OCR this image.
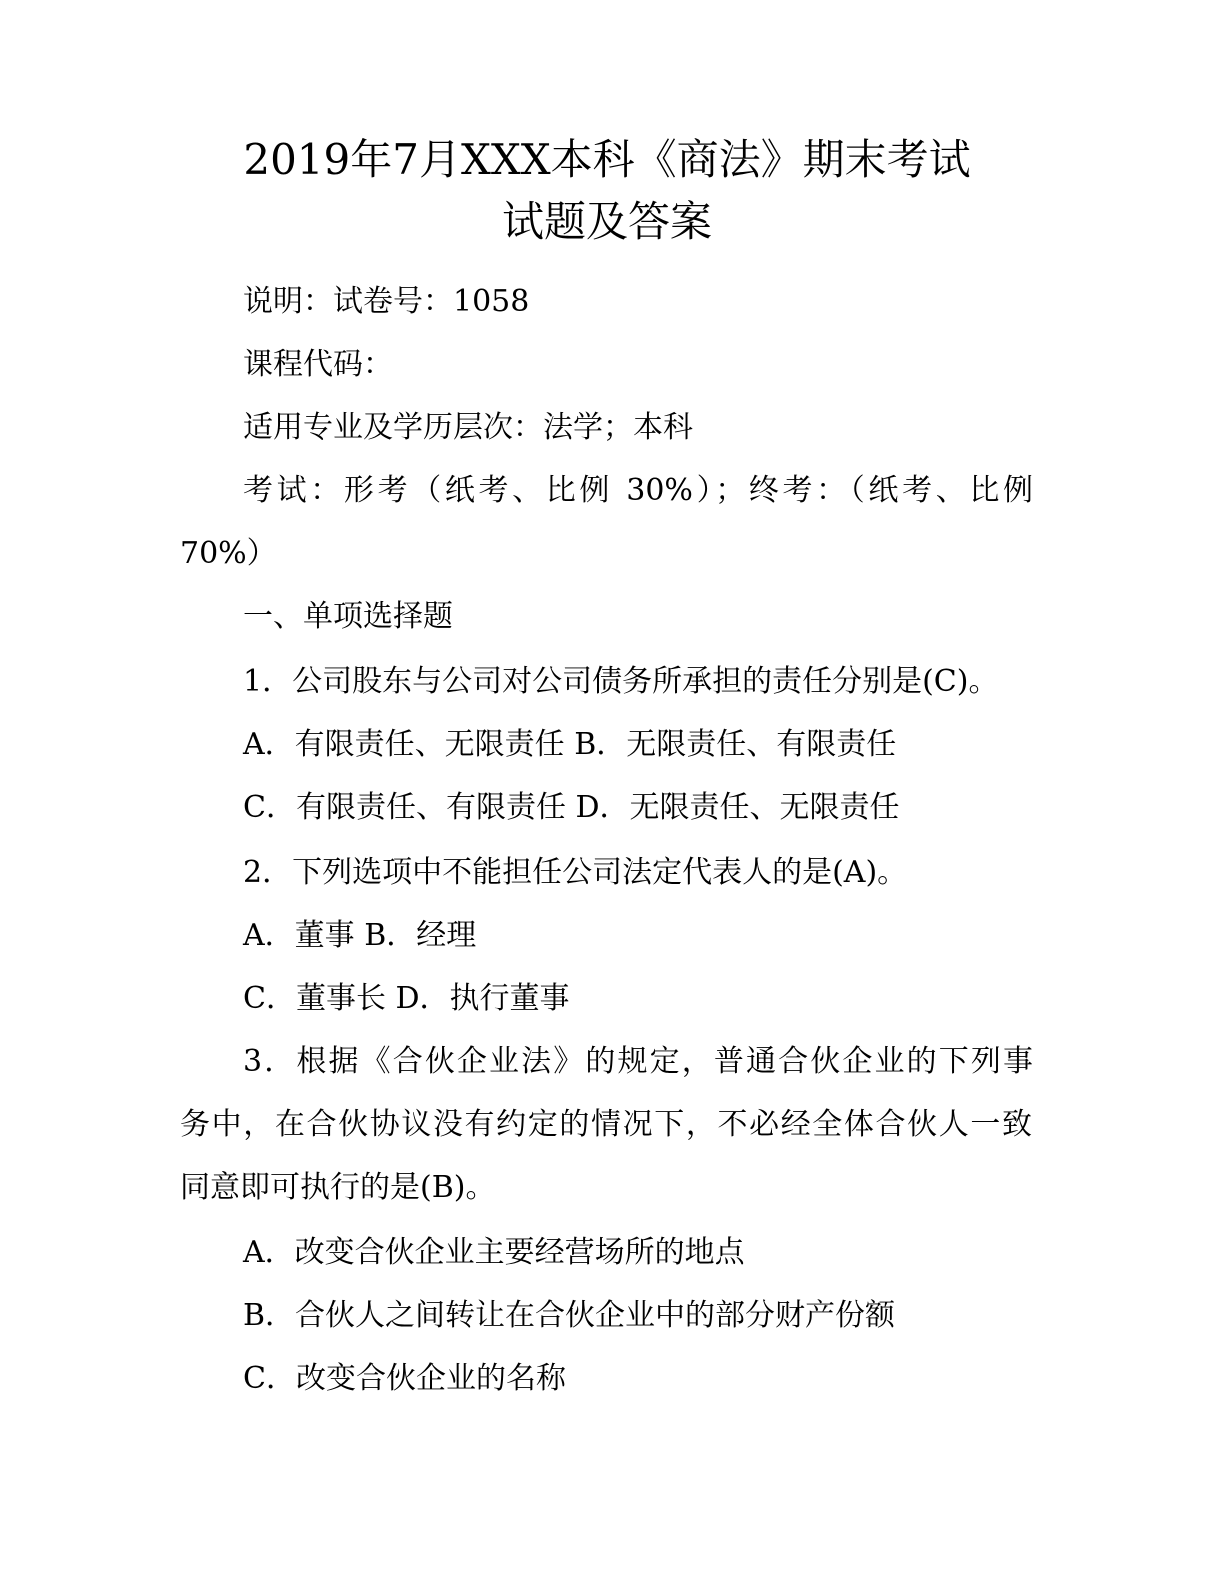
2019年7月XXX本科《商法》期末考试
试题及答案
说明：试卷号：1058
课程代码：
适用专业及学历层次：法学；本科
考试：形考（纸考、比例 30%）；终考：（纸考、比例
70%）
一、单项选择题
1．公司股东与公司对公司债务所承担的责任分别是(C)。
A．有限责任、无限责任 B．无限责任、有限责任
C．有限责任、有限责任 D．无限责任、无限责任
2．下列选项中不能担任公司法定代表人的是(A)。
A．董事 B．经理
C．董事长 D．执行董事
3．根据《合伙企业法》的规定，普通合伙企业的下列事
务中，在合伙协议没有约定的情况下，不必经全体合伙人一致
同意即可执行的是(B)。
A．改变合伙企业主要经营场所的地点
B．合伙人之间转让在合伙企业中的部分财产份额
C．改变合伙企业的名称
